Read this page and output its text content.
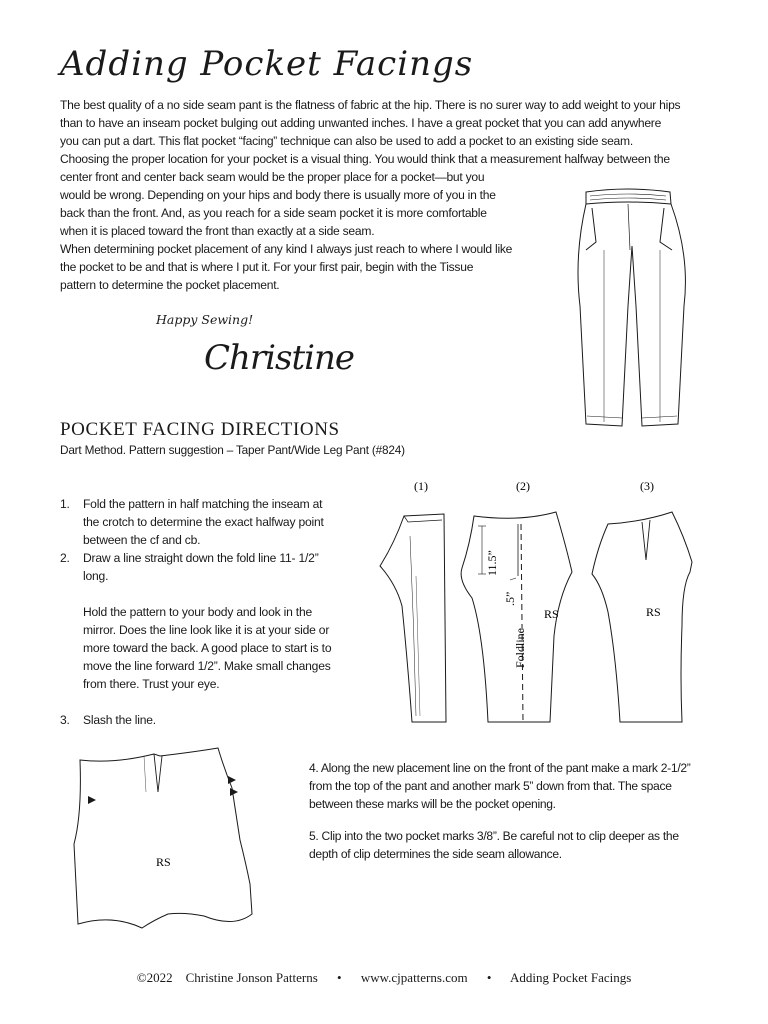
Adding Pocket Facings
The best quality of a no side seam pant is the flatness of fabric at the hip. There is no surer way to add weight to your hips
than to have an inseam pocket bulging out adding unwanted inches. I have a great pocket that you can add anywhere
you can put a dart. This flat pocket “facing” technique can also be used to add a pocket to an existing side seam.
Choosing the proper location for your pocket is a visual thing. You would think that a measurement halfway between the
center front and center back seam would be the proper place for a pocket—but you
would be wrong. Depending on your hips and body there is usually more of you in the
back than the front. And, as you reach for a side seam pocket it is more comfortable
when it is placed toward the front than exactly at a side seam.
When determining pocket placement of any kind I always just reach to where I would like
the pocket to be and that is where I put it. For your first pair, begin with the Tissue
pattern to determine the pocket placement.
Happy Sewing!
Christine
POCKET FACING DIRECTIONS
Dart Method. Pattern suggestion – Taper Pant/Wide Leg Pant (#824)
1.	Fold the pattern in half matching the inseam at
the crotch to determine the exact halfway point
between the cf and cb.
2.	Draw a line straight down the fold line 11- 1/2”
long.
Hold the pattern to your body and look in the
mirror. Does the line look like it is at your side or
more toward the back. A good place to start is to
move the line forward 1/2”. Make small changes
from there. Trust your eye.
3.	Slash the line.
(1)	(2)	(3)
11.5”
.5”
Foldline
RS	RS
RS

4. Along the new placement line on the front of the pant make a mark 2-1/2” from the top of the pant and another mark 5” down from that. The space between these marks will be the pocket opening.

5. Clip into the two pocket marks 3/8”. Be careful not to clip deeper as the depth of clip determines the side seam allowance.

©2022 Christine Jonson Patterns • www.cjpatterns.com • Adding Pocket Facings
